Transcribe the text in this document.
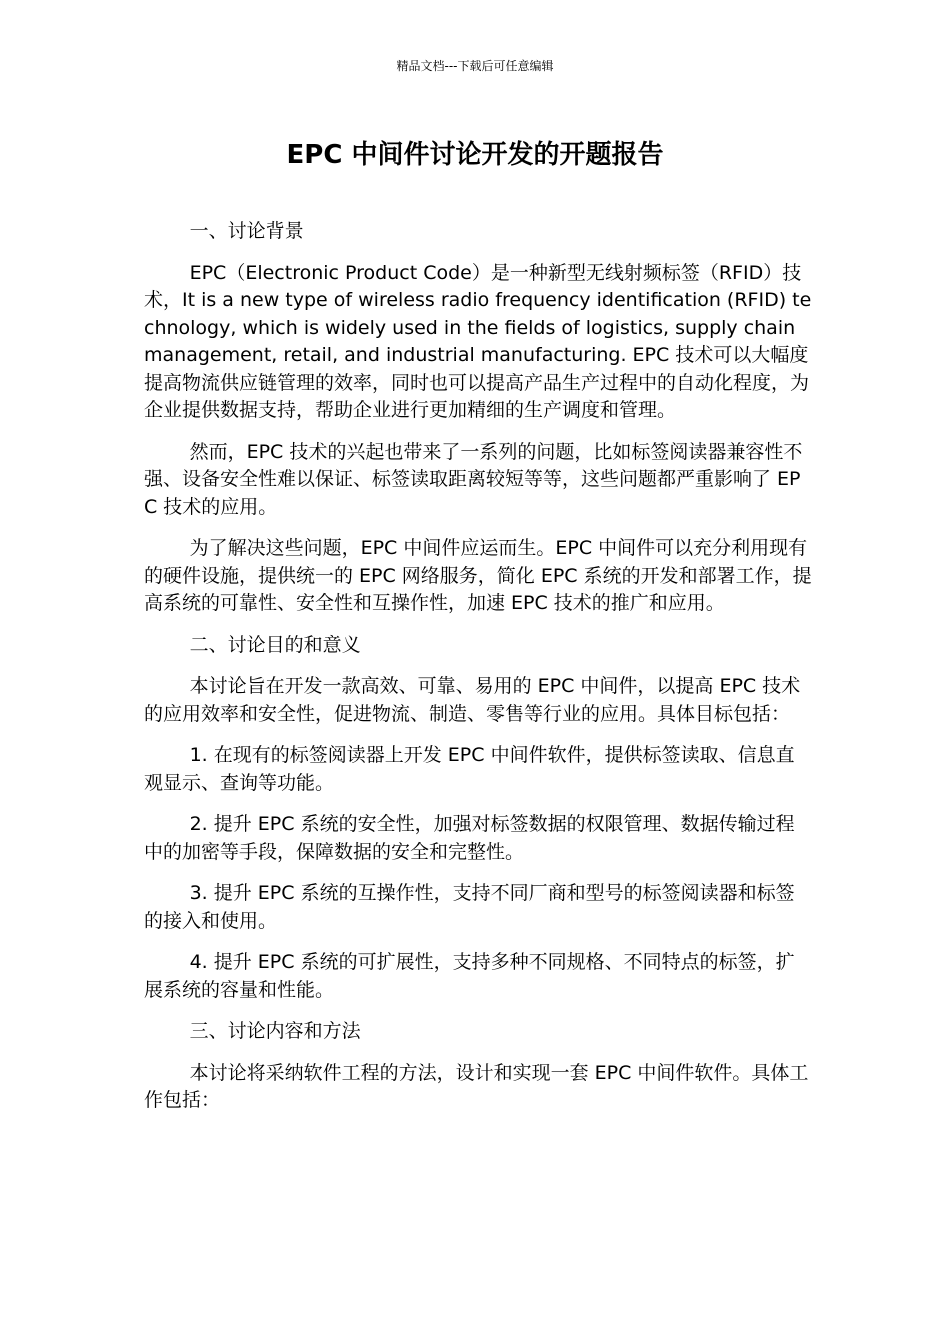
精品文档---下载后可任意编辑
EPC 中间件讨论开发的开题报告

一、讨论背景

EPC（Electronic Product Code）是一种新型无线射频标签（RFID）技术，It is a new type of wireless radio frequency identification (RFID) technology, which is widely used in the fields of logistics, supply chain management, retail, and industrial manufacturing. EPC 技术可以大幅度提高物流供应链管理的效率，同时也可以提高产品生产过程中的自动化程度，为企业提供数据支持，帮助企业进行更加精细的生产调度和管理。

然而，EPC 技术的兴起也带来了一系列的问题，比如标签阅读器兼容性不强、设备安全性难以保证、标签读取距离较短等等，这些问题都严重影响了 EPC 技术的应用。

为了解决这些问题，EPC 中间件应运而生。EPC 中间件可以充分利用现有的硬件设施，提供统一的 EPC 网络服务，简化 EPC 系统的开发和部署工作，提高系统的可靠性、安全性和互操作性，加速 EPC 技术的推广和应用。

二、讨论目的和意义

本讨论旨在开发一款高效、可靠、易用的 EPC 中间件，以提高 EPC 技术的应用效率和安全性，促进物流、制造、零售等行业的应用。具体目标包括：

1. 在现有的标签阅读器上开发 EPC 中间件软件，提供标签读取、信息直观显示、查询等功能。

2. 提升 EPC 系统的安全性，加强对标签数据的权限管理、数据传输过程中的加密等手段，保障数据的安全和完整性。

3. 提升 EPC 系统的互操作性，支持不同厂商和型号的标签阅读器和标签的接入和使用。

4. 提升 EPC 系统的可扩展性，支持多种不同规格、不同特点的标签，扩展系统的容量和性能。

三、讨论内容和方法

本讨论将采纳软件工程的方法，设计和实现一套 EPC 中间件软件。具体工作包括：
